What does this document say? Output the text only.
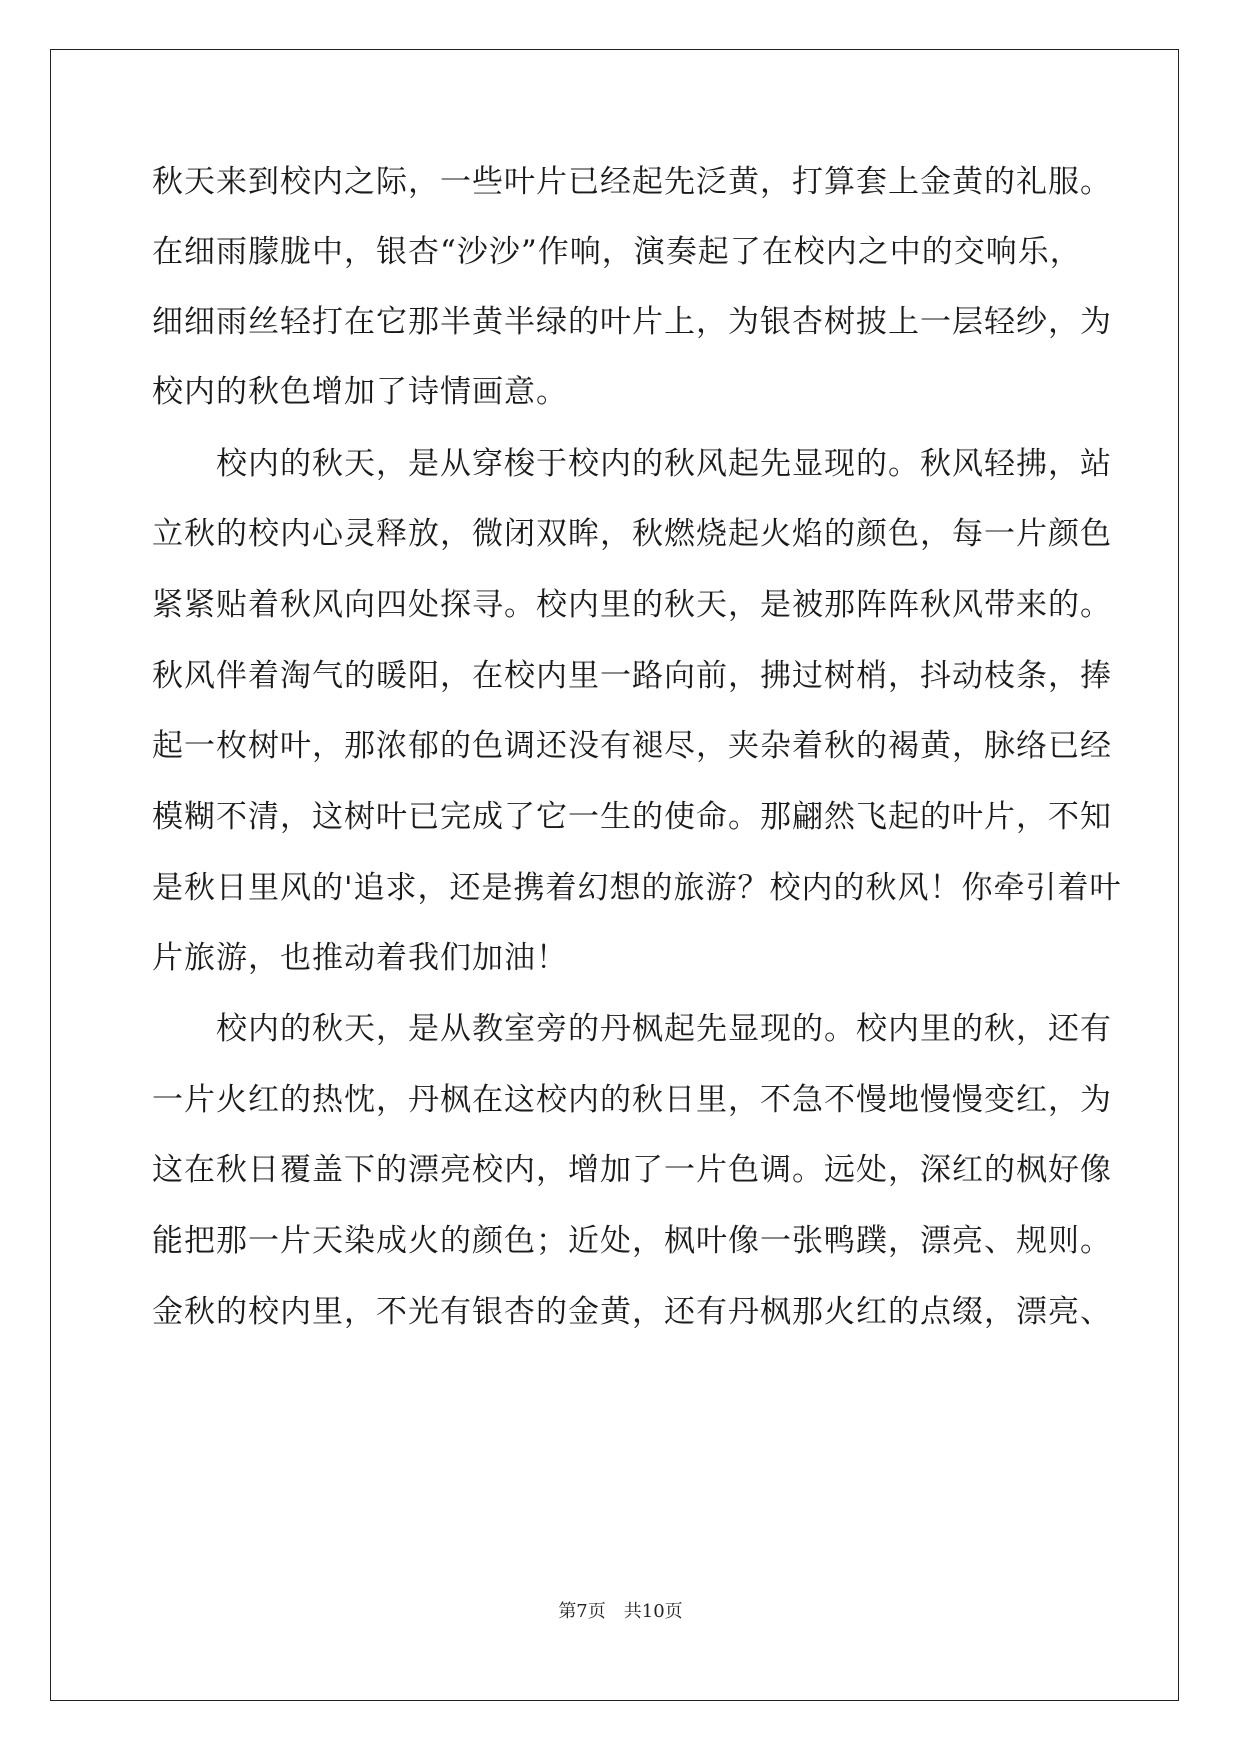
秋天来到校内之际，一些叶片已经起先泛黄，打算套上金黄的礼服。
在细雨朦胧中，银杏“沙沙”作响，演奏起了在校内之中的交响乐，
细细雨丝轻打在它那半黄半绿的叶片上，为银杏树披上一层轻纱，为
校内的秋色增加了诗情画意。
　　校内的秋天，是从穿梭于校内的秋风起先显现的。秋风轻拂，站
立秋的校内心灵释放，微闭双眸，秋燃烧起火焰的颜色，每一片颜色
紧紧贴着秋风向四处探寻。校内里的秋天，是被那阵阵秋风带来的。
秋风伴着淘气的暖阳，在校内里一路向前，拂过树梢，抖动枝条，捧
起一枚树叶，那浓郁的色调还没有褪尽，夹杂着秋的褐黄，脉络已经
模糊不清，这树叶已完成了它一生的使命。那翩然飞起的叶片，不知
是秋日里风的'追求，还是携着幻想的旅游？校内的秋风！你牵引着叶
片旅游，也推动着我们加油！
　　校内的秋天，是从教室旁的丹枫起先显现的。校内里的秋，还有
一片火红的热忱，丹枫在这校内的秋日里，不急不慢地慢慢变红，为
这在秋日覆盖下的漂亮校内，增加了一片色调。远处，深红的枫好像
能把那一片天染成火的颜色；近处，枫叶像一张鸭蹼，漂亮、规则。
金秋的校内里，不光有银杏的金黄，还有丹枫那火红的点缀，漂亮、
第7页 共10页
